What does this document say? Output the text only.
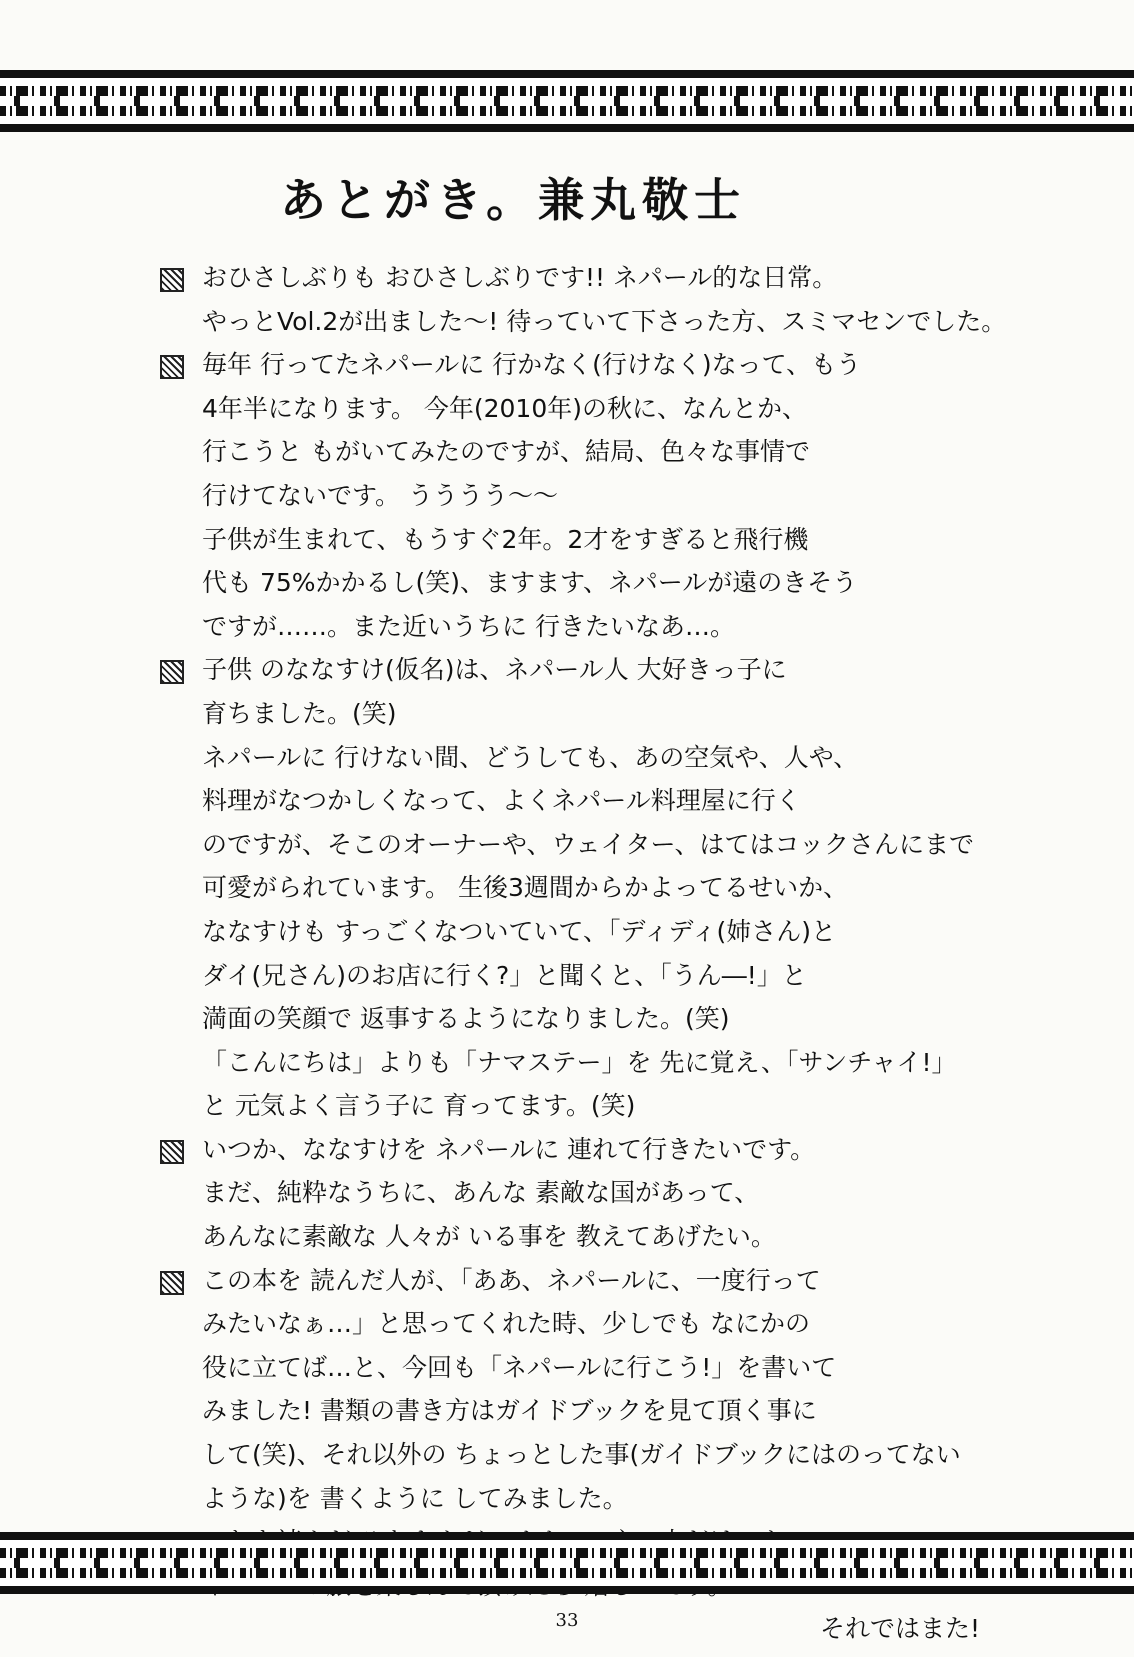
あとがき。兼丸敬士
おひさしぶりも おひさしぶりです!! ネパール的な日常。
やっとVol.2が出ました〜! 待っていて下さった方、スミマセンでした。
毎年 行ってたネパールに 行かなく(行けなく)なって、もう
4年半になります。 今年(2010年)の秋に、なんとか、
行こうと もがいてみたのですが、結局、色々な事情で
行けてないです。 うううう〜〜
子供が生まれて、もうすぐ2年。2才をすぎると飛行機
代も 75%かかるし(笑)、ますます、ネパールが遠のきそう
ですが……。また近いうちに 行きたいなあ…。
子供 のななすけ(仮名)は、ネパール人 大好きっ子に
育ちました。(笑)
ネパールに 行けない間、どうしても、あの空気や、人や、
料理がなつかしくなって、よくネパール料理屋に行く
のですが、そこのオーナーや、ウェイター、はてはコックさんにまで
可愛がられています。 生後3週間からかよってるせいか、
ななすけも すっごくなついていて、「ディディ(姉さん)と
ダイ(兄さん)のお店に行く?」と聞くと、「うん―!」と
満面の笑顔で 返事するようになりました。(笑)
「こんにちは」よりも「ナマステー」を 先に覚え、「サンチャイ!」
と 元気よく言う子に 育ってます。(笑)
いつか、ななすけを ネパールに 連れて行きたいです。
まだ、純粋なうちに、あんな 素敵な国があって、
あんなに素敵な 人々が いる事を 教えてあげたい。
この本を 読んだ人が、「ああ、ネパールに、一度行って
みたいなぁ…」と思ってくれた時、少しでも なにかの
役に立てば…と、今回も「ネパールに行こう!」を書いて
みました! 書類の書き方はガイドブックを見て頂く事に
して(笑)、それ以外の ちょっとした事(ガイドブックにはのってない
ような)を 書くように してみました。
それではまた!
33
